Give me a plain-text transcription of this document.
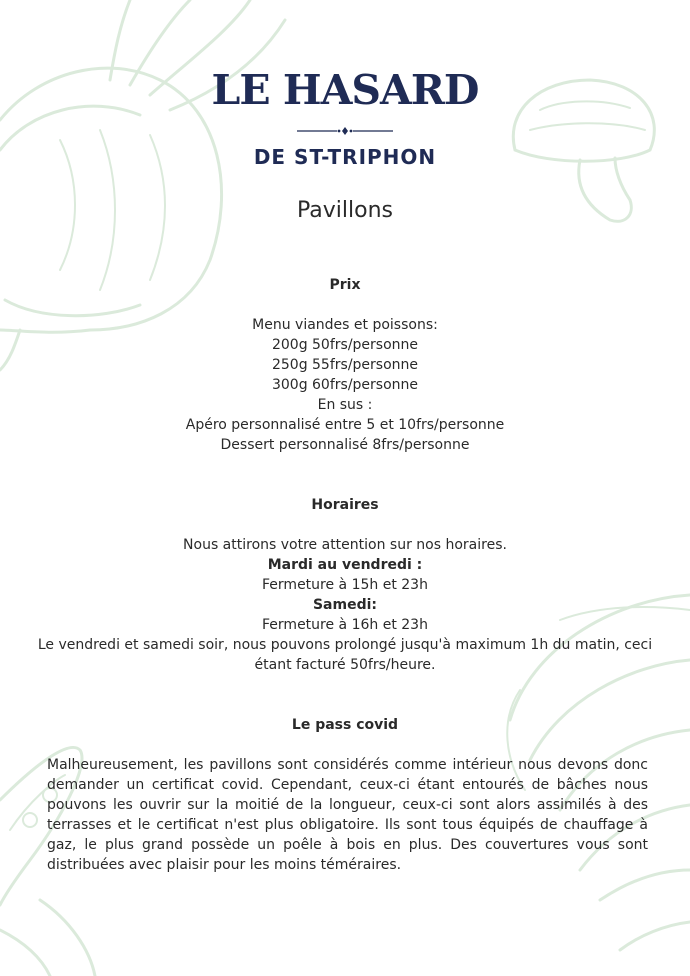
LE HASARD
DE ST-TRIPHON
Pavillons

Prix

Menu viandes et poissons:

200g 50frs/personne

250g 55frs/personne

300g 60frs/personne

En sus :

Apéro personnalisé entre 5 et 10frs/personne

Dessert personnalisé 8frs/personne

Horaires

Nous attirons votre attention sur nos horaires.

Mardi au vendredi :

Fermeture à 15h et 23h

Samedi:

Fermeture à 16h et 23h

Le vendredi et samedi soir, nous pouvons prolongé jusqu'à maximum 1h du matin, ceci

étant facturé 50frs/heure.

Le pass covid

Malheureusement, les pavillons sont considérés comme intérieur nous devons donc demander un certificat covid. Cependant, ceux-ci étant entourés de bâches nous pouvons les ouvrir sur la moitié de la longueur, ceux-ci sont alors assimilés à des terrasses et le certificat n'est plus obligatoire. Ils sont tous équipés de chauffage à gaz, le plus grand possède un poêle à bois en plus. Des couvertures vous sont distribuées avec plaisir pour les moins téméraires.
